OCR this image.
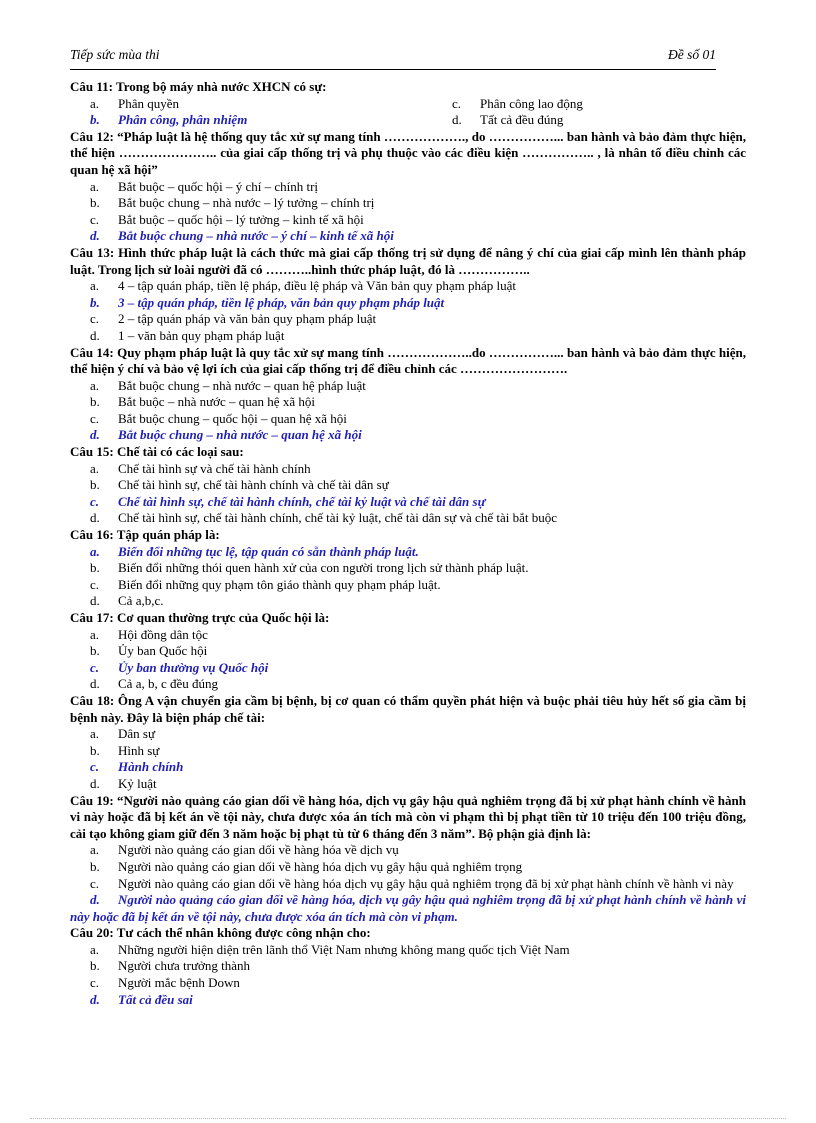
Tiếp sức mùa thi	Đề số 01
Câu 11: Trong bộ máy nhà nước XHCN có sự:
a.	Phân quyền	c.	Phân công lao động
b.	Phân công, phân nhiệm	d.	Tất cả đều đúng
Câu 12: “Pháp luật là hệ thống quy tắc xử sự mang tính ………………., do ……………... ban hành và bảo đảm thực hiện, thể hiện ………………….. của giai cấp thống trị và phụ thuộc vào các điều kiện …………….. , là nhân tố điều chỉnh các quan hệ xã hội”
a.	Bắt buộc – quốc hội – ý chí – chính trị
b.	Bắt buộc chung – nhà nước – lý tưởng – chính trị
c.	Bắt buộc – quốc hội – lý tưởng – kinh tế xã hội
d.	Bắt buộc chung – nhà nước – ý chí – kinh tế xã hội
Câu 13: Hình thức pháp luật là cách thức mà giai cấp thống trị sử dụng để nâng ý chí của giai cấp mình lên thành pháp luật. Trong lịch sử loài người đã có ………..hình thức pháp luật, đó là ……………..
a.	4 – tập quán pháp, tiền lệ pháp, điều lệ pháp và Văn bản quy phạm pháp luật
b.	3 – tập quán pháp, tiền lệ pháp, văn bản quy phạm pháp luật
c.	2 – tập quán pháp và văn bản quy phạm pháp luật
d.	1 – văn bản quy phạm pháp luật
Câu 14: Quy phạm pháp luật là quy tắc xử sự mang tính ………………..do ……………... ban hành và bảo đảm thực hiện, thể hiện ý chí và bảo vệ lợi ích của giai cấp thống trị để điều chỉnh các …………………….
a.	Bắt buộc chung – nhà nước – quan hệ pháp luật
b.	Bắt buộc – nhà nước – quan hệ xã hội
c.	Bắt buộc chung – quốc hội – quan hệ xã hội
d.	Bắt buộc chung – nhà nước – quan hệ xã hội
Câu 15: Chế tài có các loại sau:
a.	Chế tài hình sự và chế tài hành chính
b.	Chế tài hình sự, chế tài hành chính và chế tài dân sự
c.	Chế tài hình sự, chế tài hành chính, chế tài kỷ luật và chế tài dân sự
d.	Chế tài hình sự, chế tài hành chính, chế tài kỷ luật, chế tài dân sự và chế tài bắt buộc
Câu 16: Tập quán pháp là:
a.	Biến đổi những tục lệ, tập quán có sẵn thành pháp luật.
b.	Biến đổi những thói quen hành xử của con người trong lịch sử thành pháp luật.
c.	Biến đổi những quy phạm tôn giáo thành quy phạm pháp luật.
d.	Cả a,b,c.
Câu 17: Cơ quan thường trực của Quốc hội là:
a.	Hội đồng dân tộc
b.	Ủy ban Quốc hội
c.	Ủy ban thường vụ Quốc hội
d.	Cả a, b, c đều đúng
Câu 18: Ông A vận chuyển gia cầm bị bệnh, bị cơ quan có thẩm quyền phát hiện và buộc phải tiêu hủy hết số gia cầm bị bệnh này. Đây là biện pháp chế tài:
a.	Dân sự
b.	Hình sự
c.	Hành chính
d.	Kỷ luật
Câu 19: “Người nào quảng cáo gian dối về hàng hóa, dịch vụ gây hậu quả nghiêm trọng đã bị xử phạt hành chính về hành vi này hoặc đã bị kết án về tội này, chưa được xóa án tích mà còn vi phạm thì bị phạt tiền từ 10 triệu đến 100 triệu đồng, cải tạo không giam giữ đến 3 năm hoặc bị phạt tù từ 6 tháng đến 3 năm”. Bộ phận giả định là:
a.	Người nào quảng cáo gian dối về hàng hóa về dịch vụ
b.	Người nào quảng cáo gian dối về hàng hóa dịch vụ gây hậu quả nghiêm trọng
c. Người nào quảng cáo gian dối về hàng hóa dịch vụ gây hậu quả nghiêm trọng đã bị xử phạt hành chính về hành vi này
d. Người nào quảng cáo gian dối về hàng hóa, dịch vụ gây hậu quả nghiêm trọng đã bị xử phạt hành chính về hành vi này hoặc đã bị kết án về tội này, chưa được xóa án tích mà còn vi phạm.
Câu 20: Tư cách thể nhân không được công nhận cho:
a.	Những người hiện diện trên lãnh thổ Việt Nam nhưng không mang quốc tịch Việt Nam
b.	Người chưa trưởng thành
c.	Người mắc bệnh Down
d.	Tất cả đều sai
